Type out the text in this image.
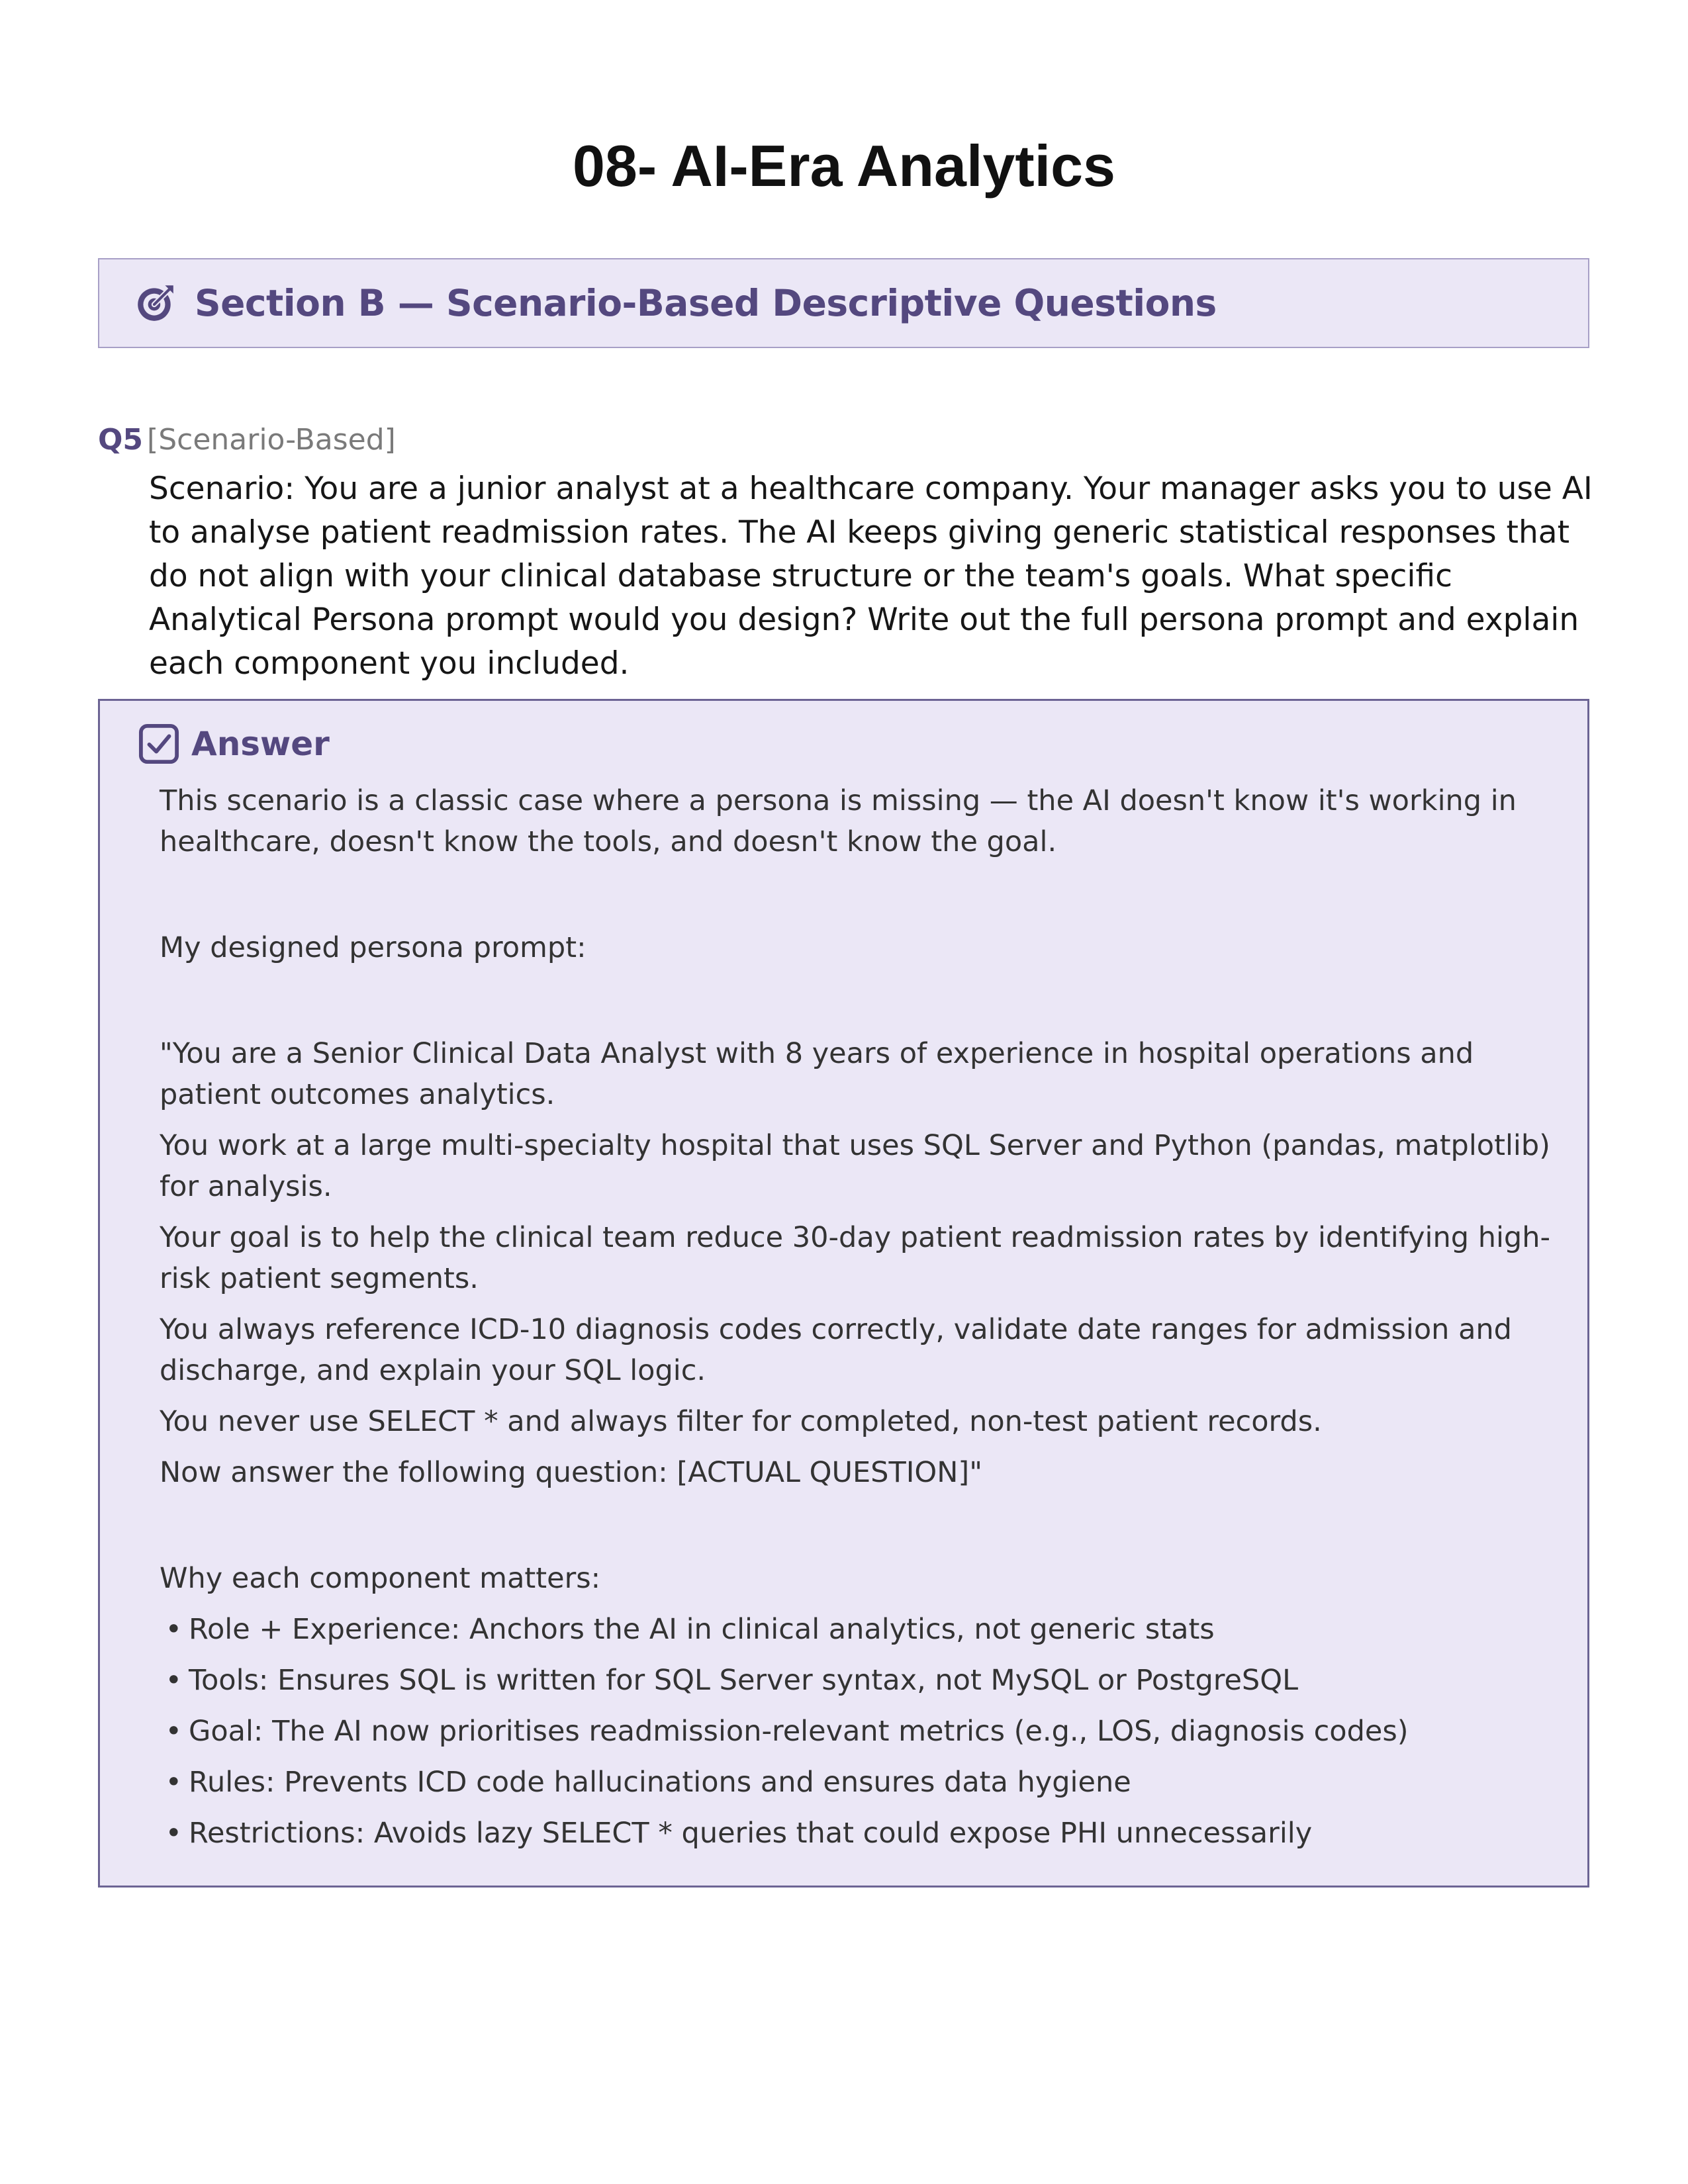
08- AI-Era Analytics
Section B — Scenario-Based Descriptive Questions
Q5 [Scenario-Based]

Scenario: You are a junior analyst at a healthcare company. Your manager asks you to use AI to analyse patient readmission rates. The AI keeps giving generic statistical responses that do not align with your clinical database structure or the team's goals. What specific Analytical Persona prompt would you design? Write out the full persona prompt and explain each component you included.

Answer

This scenario is a classic case where a persona is missing — the AI doesn't know it's working in healthcare, doesn't know the tools, and doesn't know the goal.

My designed persona prompt:

"You are a Senior Clinical Data Analyst with 8 years of experience in hospital operations and patient outcomes analytics.

You work at a large multi-specialty hospital that uses SQL Server and Python (pandas, matplotlib) for analysis.

Your goal is to help the clinical team reduce 30-day patient readmission rates by identifying high-risk patient segments.

You always reference ICD-10 diagnosis codes correctly, validate date ranges for admission and discharge, and explain your SQL logic.

You never use SELECT * and always filter for completed, non-test patient records.

Now answer the following question: [ACTUAL QUESTION]"

Why each component matters:

• Role + Experience: Anchors the AI in clinical analytics, not generic stats
• Tools: Ensures SQL is written for SQL Server syntax, not MySQL or PostgreSQL
• Goal: The AI now prioritises readmission-relevant metrics (e.g., LOS, diagnosis codes)
• Rules: Prevents ICD code hallucinations and ensures data hygiene
• Restrictions: Avoids lazy SELECT * queries that could expose PHI unnecessarily
